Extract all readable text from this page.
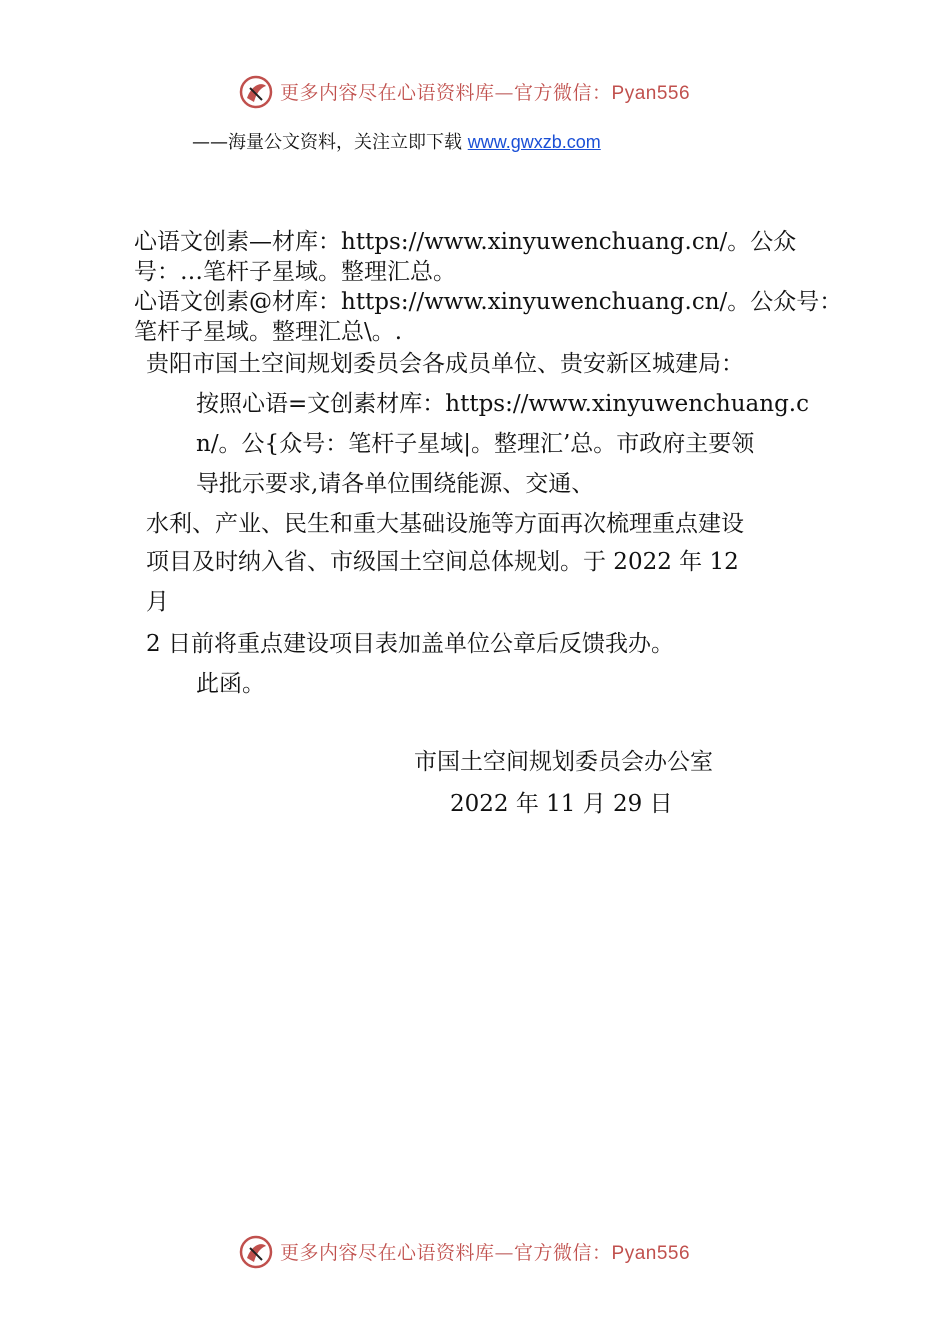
更多内容尽在心语资料库—官方微信：Pyan556
——海量公文资料，关注立即下载 www.gwxzb.com
心语文创素—材库：https://www.xinyuwenchuang.cn/。公众
号：…笔杆子星域。整理汇总。
心语文创素@材库：https://www.xinyuwenchuang.cn/。公众号：
笔杆子星域。整理汇总\。.
贵阳市国土空间规划委员会各成员单位、贵安新区城建局：
按照心语=文创素材库：https://www.xinyuwenchuang.c
n/。公{众号：笔杆子星域|。整理汇’总。市政府主要领
导批示要求,请各单位围绕能源、交通、
水利、产业、民生和重大基础设施等方面再次梳理重点建设
项目及时纳入省、市级国土空间总体规划。于 2022 年 12
月
2 日前将重点建设项目表加盖单位公章后反馈我办。
此函。
市国土空间规划委员会办公室
2022 年 11 月 29 日
更多内容尽在心语资料库—官方微信：Pyan556
